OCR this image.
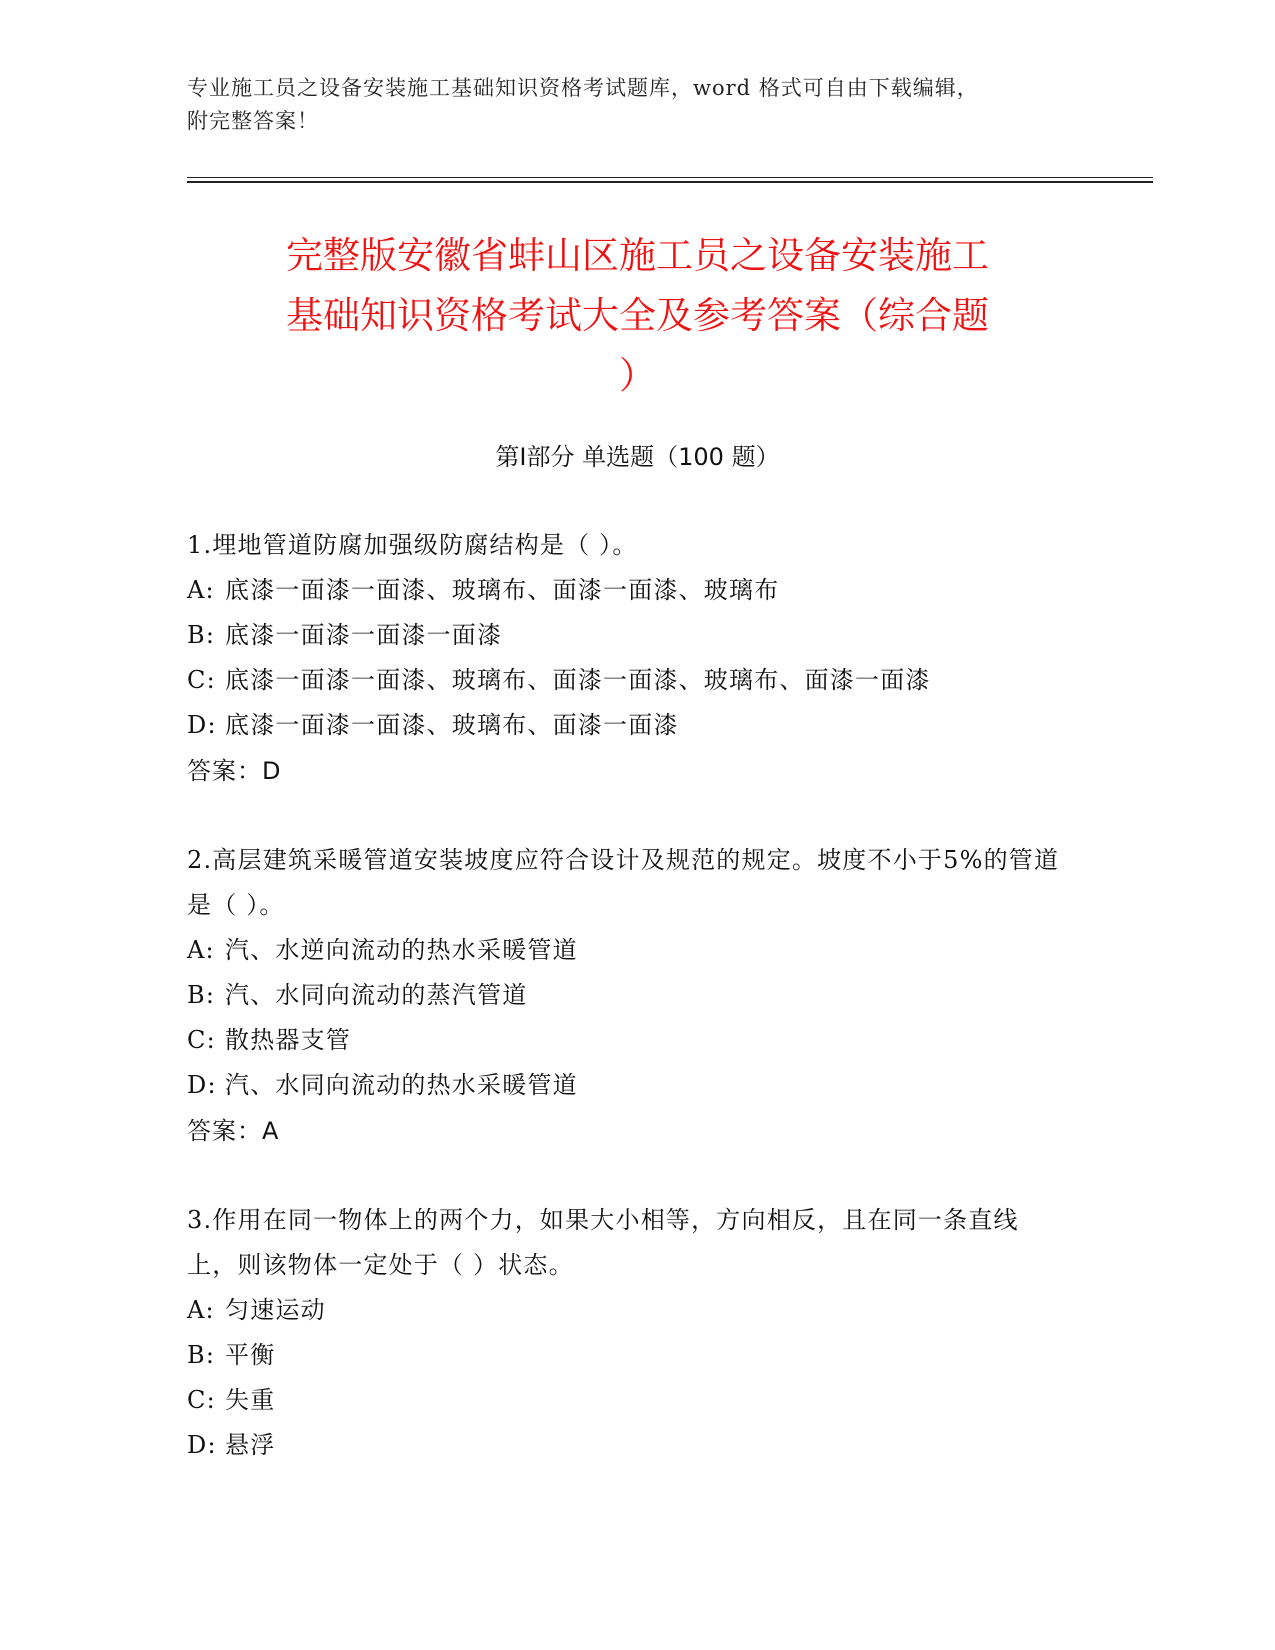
专业施工员之设备安装施工基础知识资格考试题库，word 格式可自由下载编辑，
附完整答案！
完整版安徽省蚌山区施工员之设备安装施工
基础知识资格考试大全及参考答案（综合题
）
第Ⅰ部分 单选题（100 题）
1.埋地管道防腐加强级防腐结构是（ ）。
A: 底漆一面漆一面漆、玻璃布、面漆一面漆、玻璃布
B: 底漆一面漆一面漆一面漆
C: 底漆一面漆一面漆、玻璃布、面漆一面漆、玻璃布、面漆一面漆
D: 底漆一面漆一面漆、玻璃布、面漆一面漆
答案：D
2.高层建筑采暖管道安装坡度应符合设计及规范的规定。坡度不小于5%的管道是（ ）。
A: 汽、水逆向流动的热水采暖管道
B: 汽、水同向流动的蒸汽管道
C: 散热器支管
D: 汽、水同向流动的热水采暖管道
答案：A
3.作用在同一物体上的两个力，如果大小相等，方向相反，且在同一条直线上，则该物体一定处于（ ）状态。
A: 匀速运动
B: 平衡
C: 失重
D: 悬浮
